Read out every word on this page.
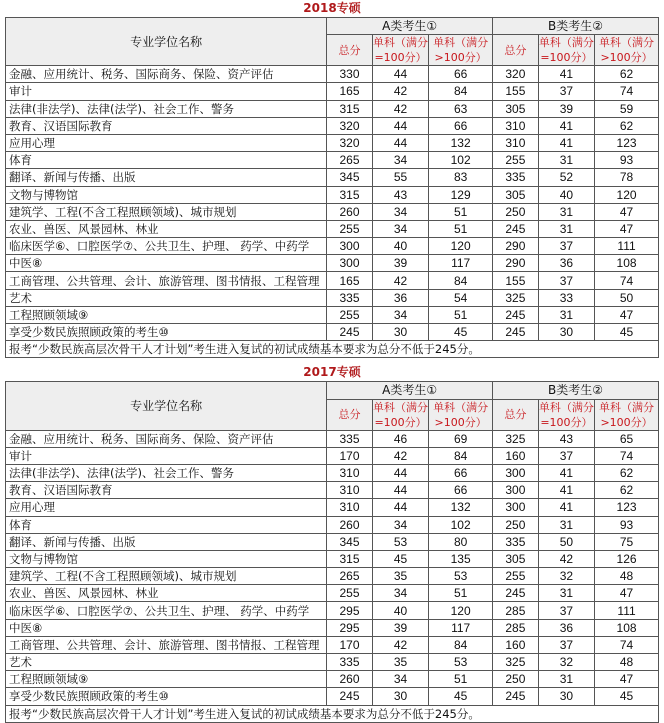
2018专硕
专业学位名称	A类考生①			B类考生②		
	总分	单科（满分=100分）	单科（满分>100分）	总分	单科（满分=100分）	单科（满分>100分）
金融、应用统计、税务、国际商务、保险、资产评估	330	44	66	320	41	62
审计	165	42	84	155	37	74
法律(非法学)、法律(法学)、社会工作、警务	315	42	63	305	39	59
教育、汉语国际教育	320	44	66	310	41	62
应用心理	320	44	132	310	41	123
体育	265	34	102	255	31	93
翻译、新闻与传播、出版	345	55	83	335	52	78
文物与博物馆	315	43	129	305	40	120
建筑学、工程(不含工程照顾领域)、城市规划	260	34	51	250	31	47
农业、兽医、风景园林、林业	255	34	51	245	31	47
临床医学⑥、口腔医学⑦、公共卫生、护理、 药学、中药学	300	40	120	290	37	111
中医⑧	300	39	117	290	36	108
工商管理、公共管理、会计、旅游管理、图书情报、工程管理	165	42	84	155	37	74
艺术	335	36	54	325	33	50
工程照顾领域⑨	255	34	51	245	31	47
享受少数民族照顾政策的考生⑩	245	30	45	245	30	45
报考“少数民族高层次骨干人才计划”考生进入复试的初试成绩基本要求为总分不低于245分。						
2017专硕
专业学位名称	A类考生①			B类考生②		
	总分	单科（满分=100分）	单科（满分>100分）	总分	单科（满分=100分）	单科（满分>100分）
金融、应用统计、税务、国际商务、保险、资产评估	335	46	69	325	43	65
审计	170	42	84	160	37	74
法律(非法学)、法律(法学)、社会工作、警务	310	44	66	300	41	62
教育、汉语国际教育	310	44	66	300	41	62
应用心理	310	44	132	300	41	123
体育	260	34	102	250	31	93
翻译、新闻与传播、出版	345	53	80	335	50	75
文物与博物馆	315	45	135	305	42	126
建筑学、工程(不含工程照顾领域)、城市规划	265	35	53	255	32	48
农业、兽医、风景园林、林业	255	34	51	245	31	47
临床医学⑥、口腔医学⑦、公共卫生、护理、 药学、中药学	295	40	120	285	37	111
中医⑧	295	39	117	285	36	108
工商管理、公共管理、会计、旅游管理、图书情报、工程管理	170	42	84	160	37	74
艺术	335	35	53	325	32	48
工程照顾领域⑨	260	34	51	250	31	47
享受少数民族照顾政策的考生⑩	245	30	45	245	30	45
报考“少数民族高层次骨干人才计划”考生进入复试的初试成绩基本要求为总分不低于245分。						
